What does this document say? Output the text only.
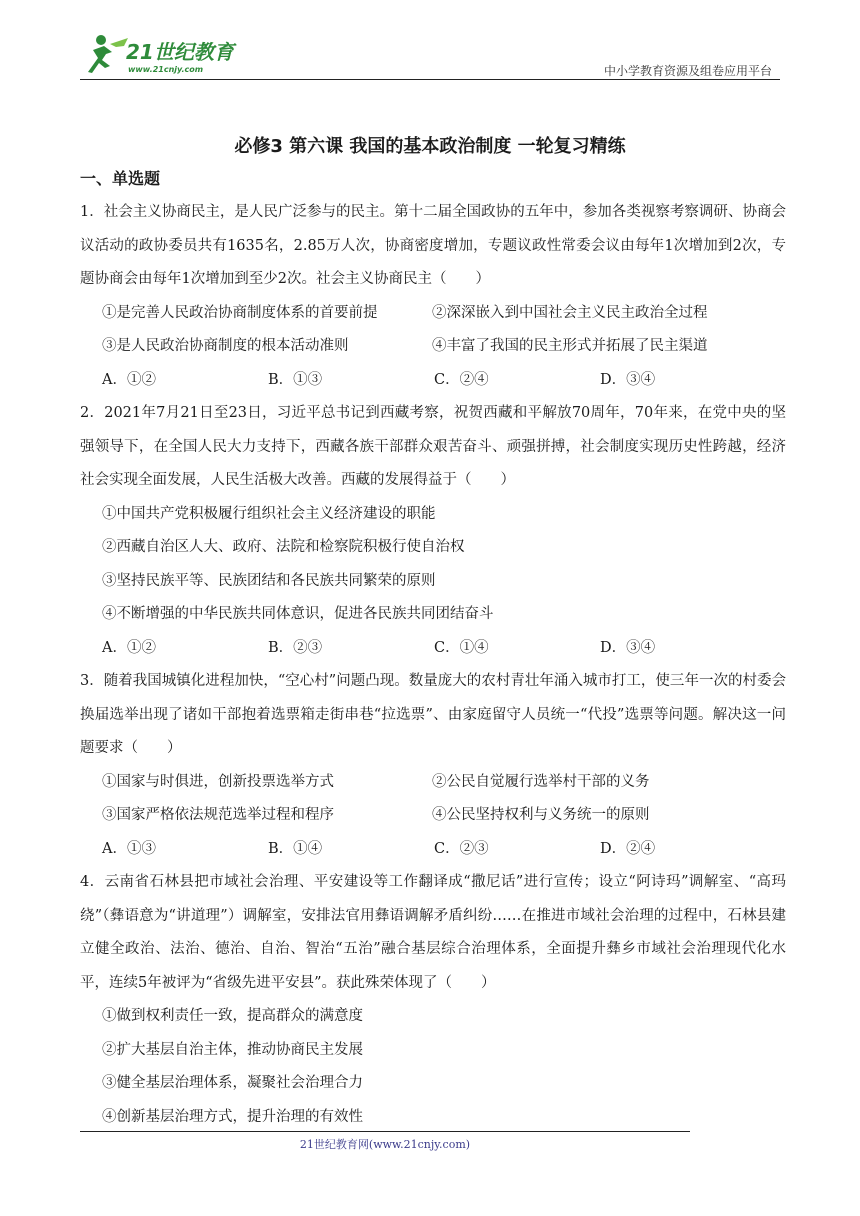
21世纪教育
www.21cnjy.com	中小学教育资源及组卷应用平台
必修3 第六课 我国的基本政治制度 一轮复习精练
一、单选题

1．社会主义协商民主，是人民广泛参与的民主。第十二届全国政协的五年中，参加各类视察考察调研、协商会议活动的政协委员共有1635名，2.85万人次，协商密度增加，专题议政性常委会议由每年1次增加到2次，专题协商会由每年1次增加到至少2次。社会主义协商民主（　　）

①是完善人民政治协商制度体系的首要前提	②深深嵌入到中国社会主义民主政治全过程
③是人民政治协商制度的根本活动准则	④丰富了我国的民主形式并拓展了民主渠道
A．①②	B．①③	C．②④	D．③④

2．2021年7月21日至23日，习近平总书记到西藏考察，祝贺西藏和平解放70周年，70年来，在党中央的坚强领导下，在全国人民大力支持下，西藏各族干部群众艰苦奋斗、顽强拼搏，社会制度实现历史性跨越，经济社会实现全面发展，人民生活极大改善。西藏的发展得益于（　　）

①中国共产党积极履行组织社会主义经济建设的职能
②西藏自治区人大、政府、法院和检察院积极行使自治权
③坚持民族平等、民族团结和各民族共同繁荣的原则
④不断增强的中华民族共同体意识，促进各民族共同团结奋斗
A．①②	B．②③	C．①④	D．③④

3．随着我国城镇化进程加快，“空心村”问题凸现。数量庞大的农村青壮年涌入城市打工，使三年一次的村委会换届选举出现了诸如干部抱着选票箱走街串巷“拉选票”、由家庭留守人员统一“代投”选票等问题。解决这一问题要求（　　）

①国家与时俱进，创新投票选举方式	②公民自觉履行选举村干部的义务
③国家严格依法规范选举过程和程序	④公民坚持权利与义务统一的原则
A．①③	B．①④	C．②③	D．②④

4．云南省石林县把市域社会治理、平安建设等工作翻译成“撒尼话”进行宣传；设立“阿诗玛”调解室、“高玛绕”（彝语意为“讲道理”）调解室，安排法官用彝语调解矛盾纠纷……在推进市域社会治理的过程中，石林县建立健全政治、法治、德治、自治、智治“五治”融合基层综合治理体系，全面提升彝乡市域社会治理现代化水平，连续5年被评为“省级先进平安县”。获此殊荣体现了（　　）

①做到权利责任一致，提高群众的满意度
②扩大基层自治主体，推动协商民主发展
③健全基层治理体系，凝聚社会治理合力
④创新基层治理方式，提升治理的有效性
21世纪教育网(www.21cnjy.com)
